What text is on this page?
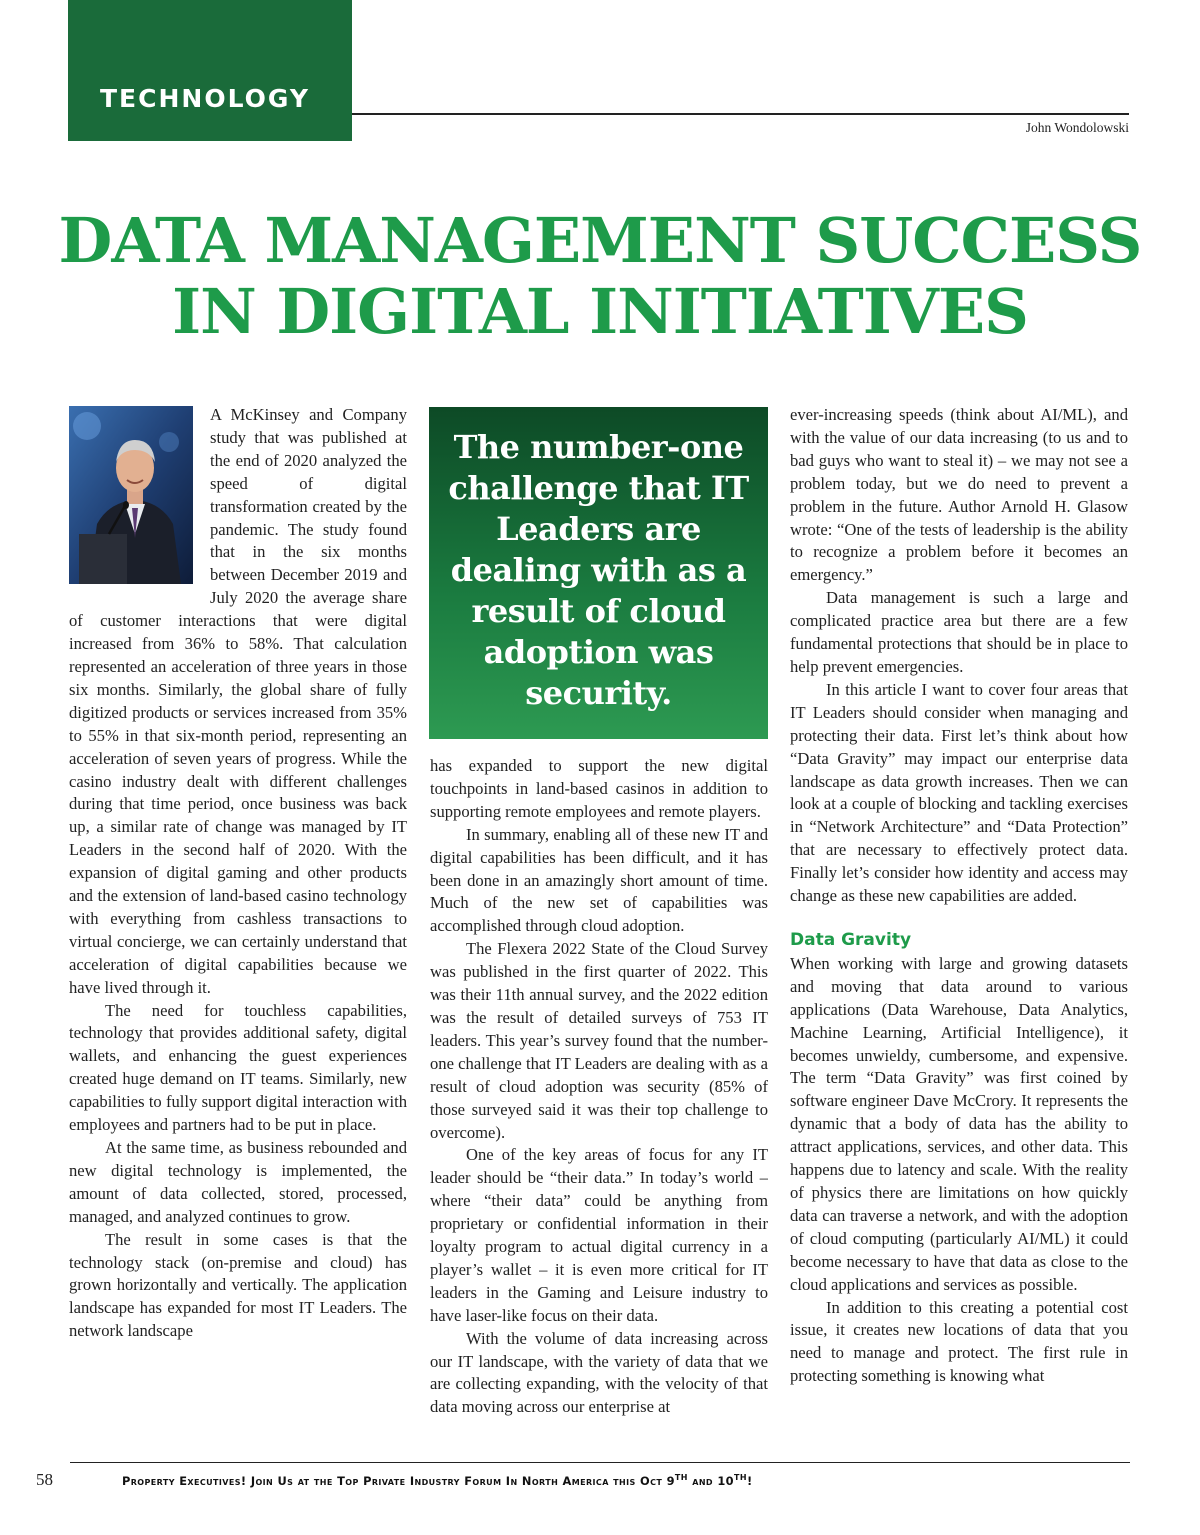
TECHNOLOGY
John Wondolowski
DATA MANAGEMENT SUCCESS
IN DIGITAL INITIATIVES

A McKinsey and Company study that was published at the end of 2020 analyzed the speed of digital transformation created by the pandemic. The study found that in the six months between December 2019 and July 2020 the average share of customer interactions that were digital increased from 36% to 58%. That calculation represented an acceleration of three years in those six months. Similarly, the global share of fully digitized products or services increased from 35% to 55% in that six-month period, representing an acceleration of seven years of progress. While the casino industry dealt with different challenges during that time period, once business was back up, a similar rate of change was managed by IT Leaders in the second half of 2020. With the expansion of digital gaming and other products and the extension of land-based casino technology with everything from cashless transactions to virtual concierge, we can certainly understand that acceleration of digital capabilities because we have lived through it.

The need for touchless capabilities, technology that provides additional safety, digital wallets, and enhancing the guest experiences created huge demand on IT teams. Similarly, new capabilities to fully support digital interaction with employees and partners had to be put in place.

At the same time, as business rebounded and new digital technology is implemented, the amount of data collected, stored, processed, managed, and analyzed continues to grow.

The result in some cases is that the technology stack (on-premise and cloud) has grown horizontally and vertically. The application landscape has expanded for most IT Leaders. The network landscape

The number-one challenge that IT Leaders are dealing with as a result of cloud adoption was security.

has expanded to support the new digital touchpoints in land-based casinos in addition to supporting remote employees and remote players.

In summary, enabling all of these new IT and digital capabilities has been difficult, and it has been done in an amazingly short amount of time. Much of the new set of capabilities was accomplished through cloud adoption.

The Flexera 2022 State of the Cloud Survey was published in the first quarter of 2022. This was their 11th annual survey, and the 2022 edition was the result of detailed surveys of 753 IT leaders. This year’s survey found that the number-one challenge that IT Leaders are dealing with as a result of cloud adoption was security (85% of those surveyed said it was their top challenge to overcome).

One of the key areas of focus for any IT leader should be “their data.” In today’s world – where “their data” could be anything from proprietary or confidential information in their loyalty program to actual digital currency in a player’s wallet – it is even more critical for IT leaders in the Gaming and Leisure industry to have laser-like focus on their data.

With the volume of data increasing across our IT landscape, with the variety of data that we are collecting expanding, with the velocity of that data moving across our enterprise at

ever-increasing speeds (think about AI/ML), and with the value of our data increasing (to us and to bad guys who want to steal it) – we may not see a problem today, but we do need to prevent a problem in the future. Author Arnold H. Glasow wrote: “One of the tests of leadership is the ability to recognize a problem before it becomes an emergency.”

Data management is such a large and complicated practice area but there are a few fundamental protections that should be in place to help prevent emergencies.

In this article I want to cover four areas that IT Leaders should consider when managing and protecting their data. First let’s think about how “Data Gravity” may impact our enterprise data landscape as data growth increases. Then we can look at a couple of blocking and tackling exercises in “Network Architecture” and “Data Protection” that are necessary to effectively protect data. Finally let’s consider how identity and access may change as these new capabilities are added.

Data Gravity

When working with large and growing datasets and moving that data around to various applications (Data Warehouse, Data Analytics, Machine Learning, Artificial Intelligence), it becomes unwieldy, cumbersome, and expensive. The term “Data Gravity” was first coined by software engineer Dave McCrory. It represents the dynamic that a body of data has the ability to attract applications, services, and other data. This happens due to latency and scale. With the reality of physics there are limitations on how quickly data can traverse a network, and with the adoption of cloud computing (particularly AI/ML) it could become necessary to have that data as close to the cloud applications and services as possible.

In addition to this creating a potential cost issue, it creates new locations of data that you need to manage and protect. The first rule in protecting something is knowing what

58	Property Executives! Join Us at the Top Private Industry Forum In North America this Oct 9TH and 10TH!
